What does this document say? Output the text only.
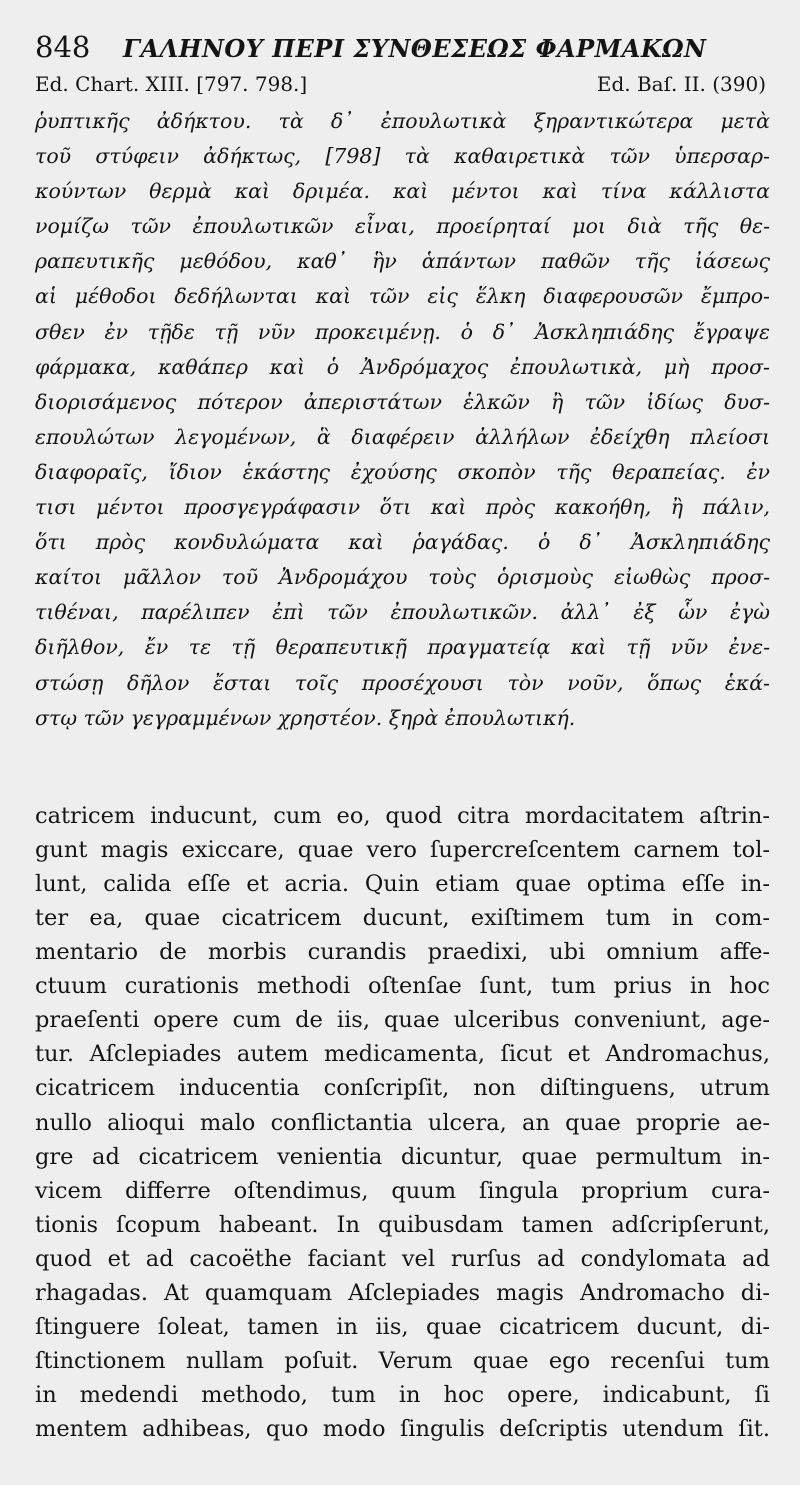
848	ΓΑΛΗΝΟΥ ΠΕΡΙ ΣΥΝΘΕΣΕΩΣ ΦΑΡΜΑΚΩΝ
Ed. Chart. XIII. [797. 798.]	Ed. Baſ. II. (390)
ῥυπτικῆς ἀδήκτου. τὰ δ᾽ ἐπουλωτικὰ ξηραντικώτερα μετὰ
τοῦ στύφειν ἀδήκτως, [798] τὰ καθαιρετικὰ τῶν ὑπερσαρ-
κούντων θερμὰ καὶ δριμέα. καὶ μέντοι καὶ τίνα κάλλιστα
νομίζω τῶν ἐπουλωτικῶν εἶναι, προείρηταί μοι διὰ τῆς θε-
ραπευτικῆς μεθόδου, καθ᾽ ἣν ἁπάντων παθῶν τῆς ἰάσεως
αἱ μέθοδοι δεδήλωνται καὶ τῶν εἰς ἕλκη διαφερουσῶν ἔμπρο-
σθεν ἐν τῇδε τῇ νῦν προκειμένῃ. ὁ δ᾽ Ἀσκληπιάδης ἔγραψε
φάρμακα, καθάπερ καὶ ὁ Ἀνδρόμαχος ἐπουλωτικὰ, μὴ προσ-
διορισάμενος πότερον ἀπεριστάτων ἑλκῶν ἢ τῶν ἰδίως δυσ-
επουλώτων λεγομένων, ἃ διαφέρειν ἀλλήλων ἐδείχθη πλείοσι
διαφοραῖς, ἴδιον ἑκάστης ἐχούσης σκοπὸν τῆς θεραπείας. ἐν
τισι μέντοι προσγεγράφασιν ὅτι καὶ πρὸς κακοήθη, ἢ πάλιν,
ὅτι πρὸς κονδυλώματα καὶ ῥαγάδας. ὁ δ᾽ Ἀσκληπιάδης
καίτοι μᾶλλον τοῦ Ἀνδρομάχου τοὺς ὁρισμοὺς εἰωθὼς προσ-
τιθέναι, παρέλιπεν ἐπὶ τῶν ἐπουλωτικῶν. ἀλλ᾽ ἐξ ὧν ἐγὼ
διῆλθον, ἔν τε τῇ θεραπευτικῇ πραγματείᾳ καὶ τῇ νῦν ἐνε-
στώσῃ δῆλον ἔσται τοῖς προσέχουσι τὸν νοῦν, ὅπως ἑκά-
στῳ τῶν γεγραμμένων χρηστέον. ξηρὰ ἐπουλωτική.
catricem inducunt, cum eo, quod citra mordacitatem aſtrin-
gunt magis exiccare, quae vero ſupercreſcentem carnem tol-
lunt, calida eſſe et acria. Quin etiam quae optima eſſe in-
ter ea, quae cicatricem ducunt, exiſtimem tum in com-
mentario de morbis curandis praedixi, ubi omnium affe-
ctuum curationis methodi oſtenſae ſunt, tum prius in hoc
praeſenti opere cum de iis, quae ulceribus conveniunt, age-
tur. Aſclepiades autem medicamenta, ſicut et Andromachus,
cicatricem inducentia conſcripſit, non diſtinguens, utrum
nullo alioqui malo conflictantia ulcera, an quae proprie ae-
gre ad cicatricem venientia dicuntur, quae permultum in-
vicem differre oſtendimus, quum ſingula proprium cura-
tionis ſcopum habeant. In quibusdam tamen adſcripſerunt,
quod et ad cacoëthe faciant vel rurſus ad condylomata ad
rhagadas. At quamquam Aſclepiades magis Andromacho di-
ſtinguere ſoleat, tamen in iis, quae cicatricem ducunt, di-
ſtinctionem nullam poſuit. Verum quae ego recenſui tum
in medendi methodo, tum in hoc opere, indicabunt, ſi
mentem adhibeas, quo modo ſingulis deſcriptis utendum ſit.
